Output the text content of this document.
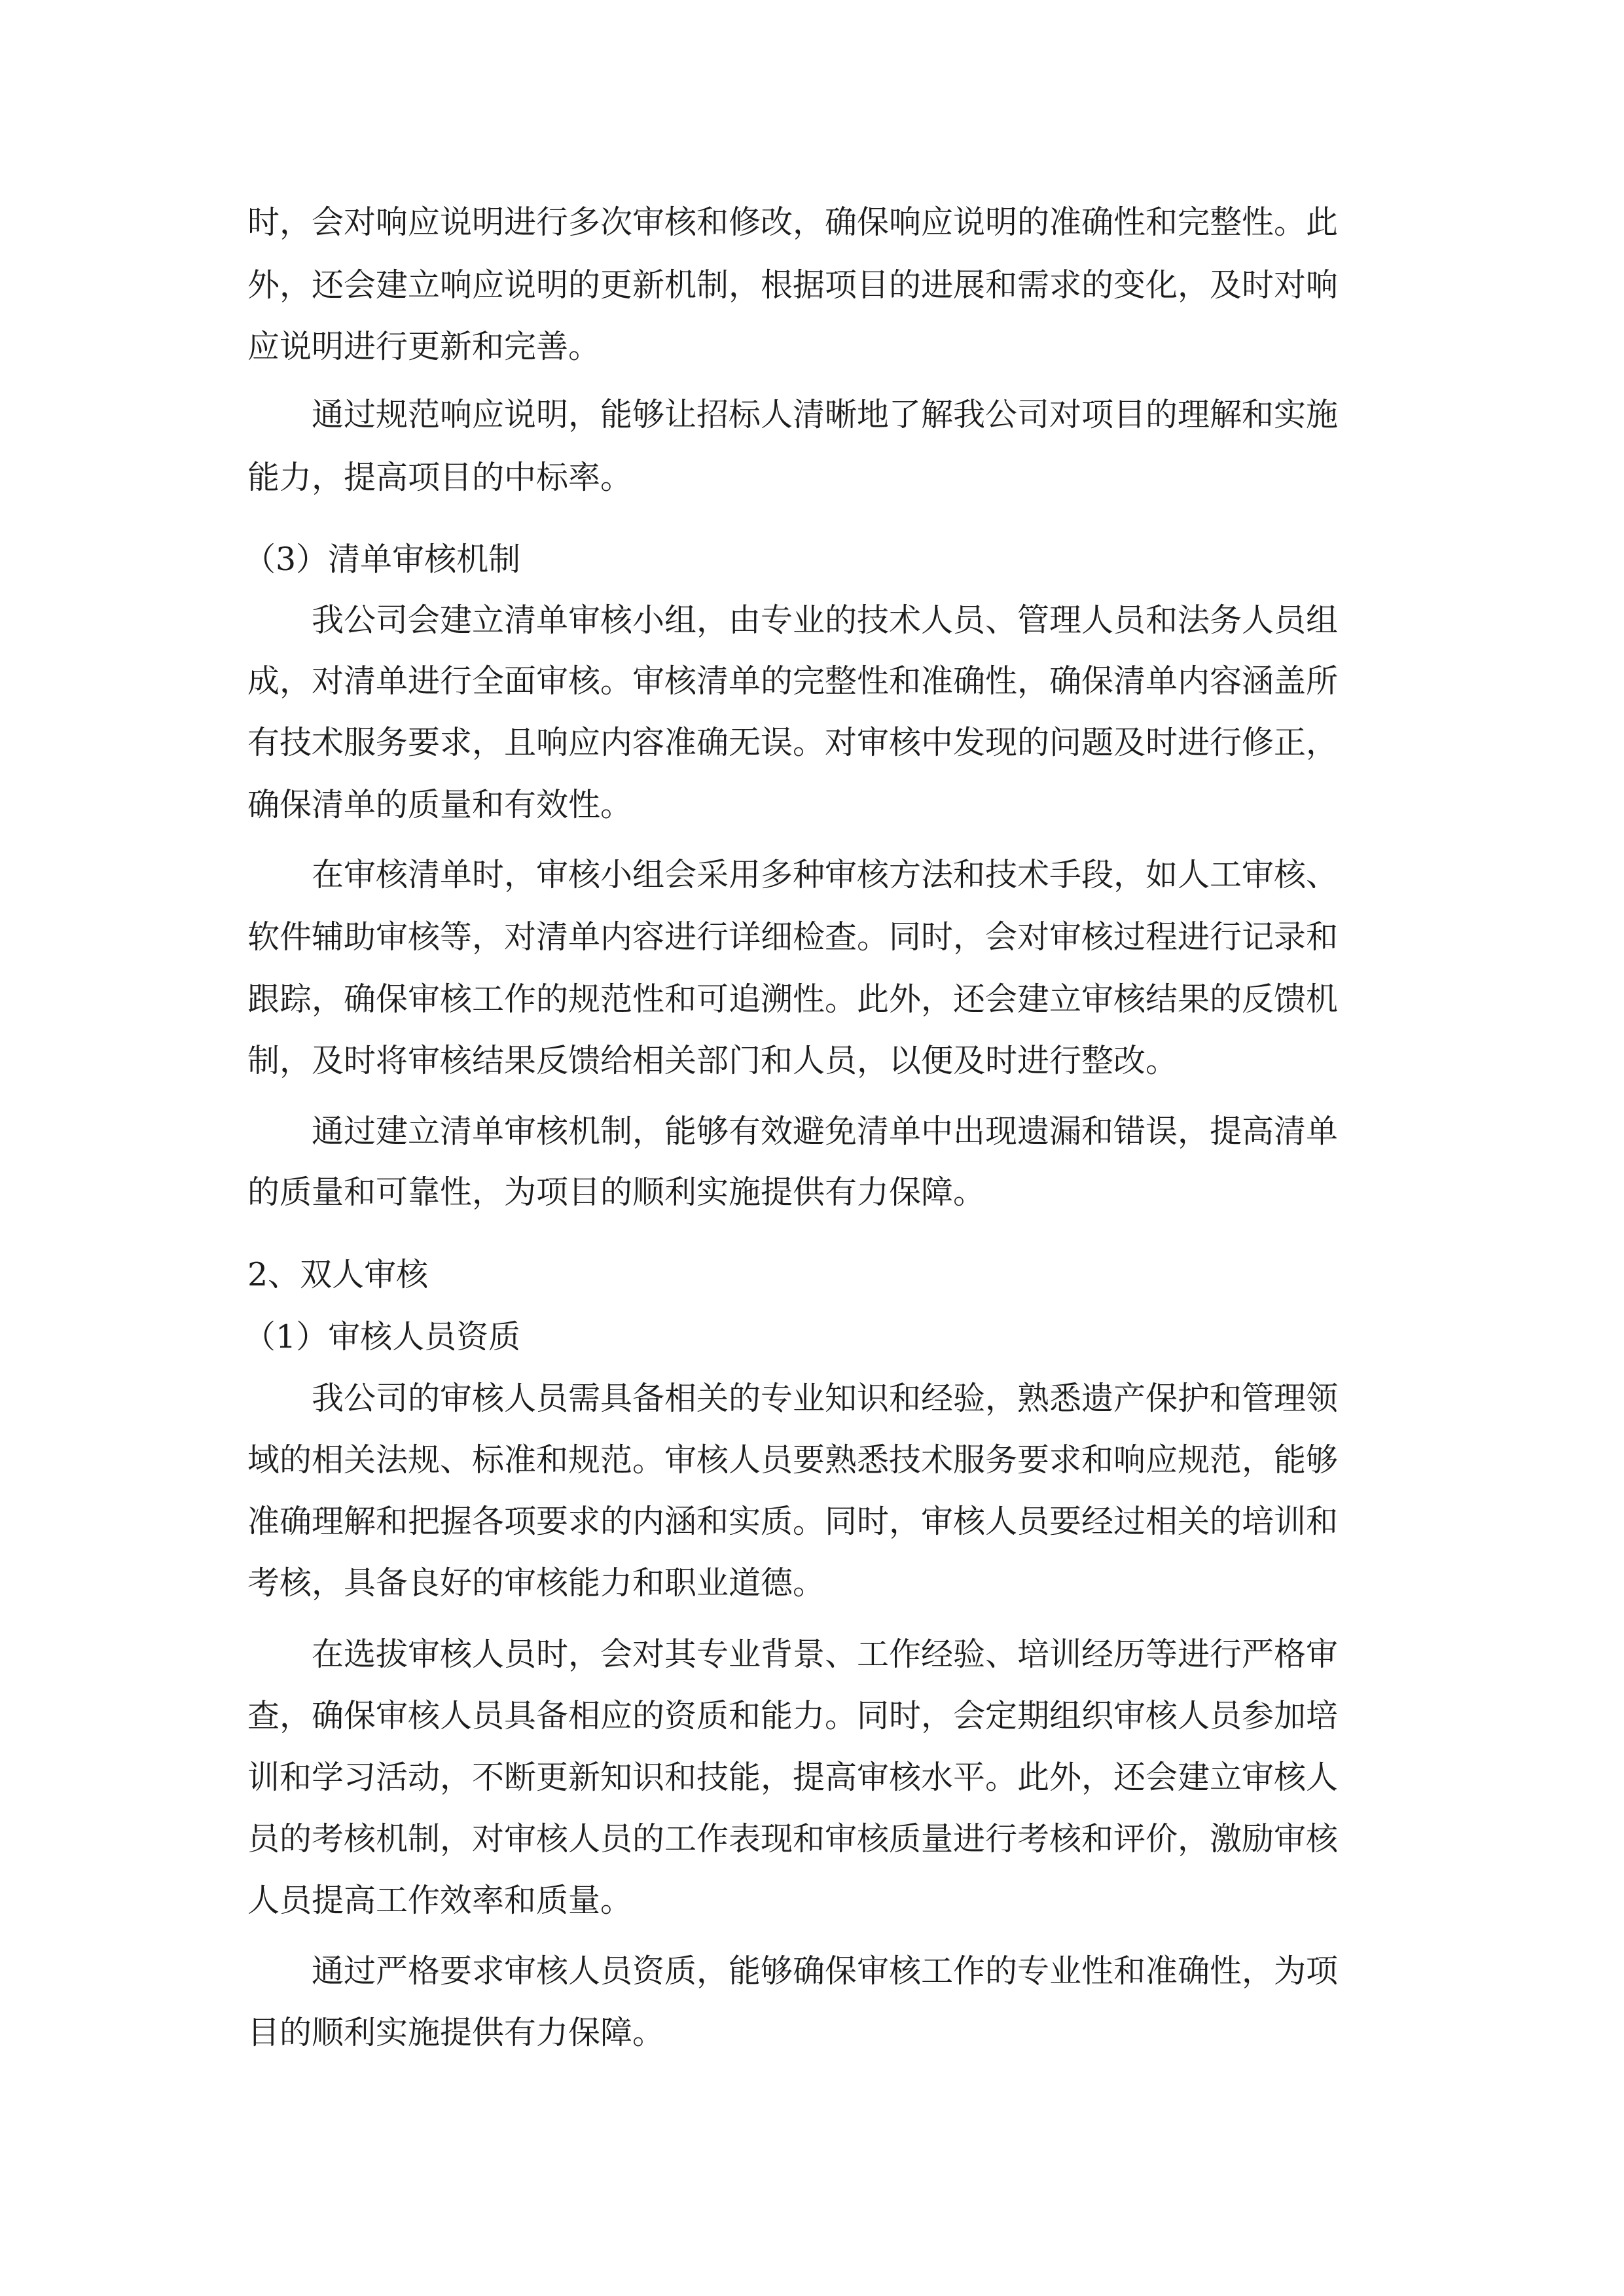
时，会对响应说明进行多次审核和修改，确保响应说明的准确性和完整性。此
外，还会建立响应说明的更新机制，根据项目的进展和需求的变化，及时对响
应说明进行更新和完善。
通过规范响应说明，能够让招标人清晰地了解我公司对项目的理解和实施
能力，提高项目的中标率。
（3）清单审核机制
我公司会建立清单审核小组，由专业的技术人员、管理人员和法务人员组
成，对清单进行全面审核。审核清单的完整性和准确性，确保清单内容涵盖所
有技术服务要求，且响应内容准确无误。对审核中发现的问题及时进行修正，
确保清单的质量和有效性。
在审核清单时，审核小组会采用多种审核方法和技术手段，如人工审核、
软件辅助审核等，对清单内容进行详细检查。同时，会对审核过程进行记录和
跟踪，确保审核工作的规范性和可追溯性。此外，还会建立审核结果的反馈机
制，及时将审核结果反馈给相关部门和人员，以便及时进行整改。
通过建立清单审核机制，能够有效避免清单中出现遗漏和错误，提高清单
的质量和可靠性，为项目的顺利实施提供有力保障。
2、双人审核
（1）审核人员资质
我公司的审核人员需具备相关的专业知识和经验，熟悉遗产保护和管理领
域的相关法规、标准和规范。审核人员要熟悉技术服务要求和响应规范，能够
准确理解和把握各项要求的内涵和实质。同时，审核人员要经过相关的培训和
考核，具备良好的审核能力和职业道德。
在选拔审核人员时，会对其专业背景、工作经验、培训经历等进行严格审
查，确保审核人员具备相应的资质和能力。同时，会定期组织审核人员参加培
训和学习活动，不断更新知识和技能，提高审核水平。此外，还会建立审核人
员的考核机制，对审核人员的工作表现和审核质量进行考核和评价，激励审核
人员提高工作效率和质量。
通过严格要求审核人员资质，能够确保审核工作的专业性和准确性，为项
目的顺利实施提供有力保障。
